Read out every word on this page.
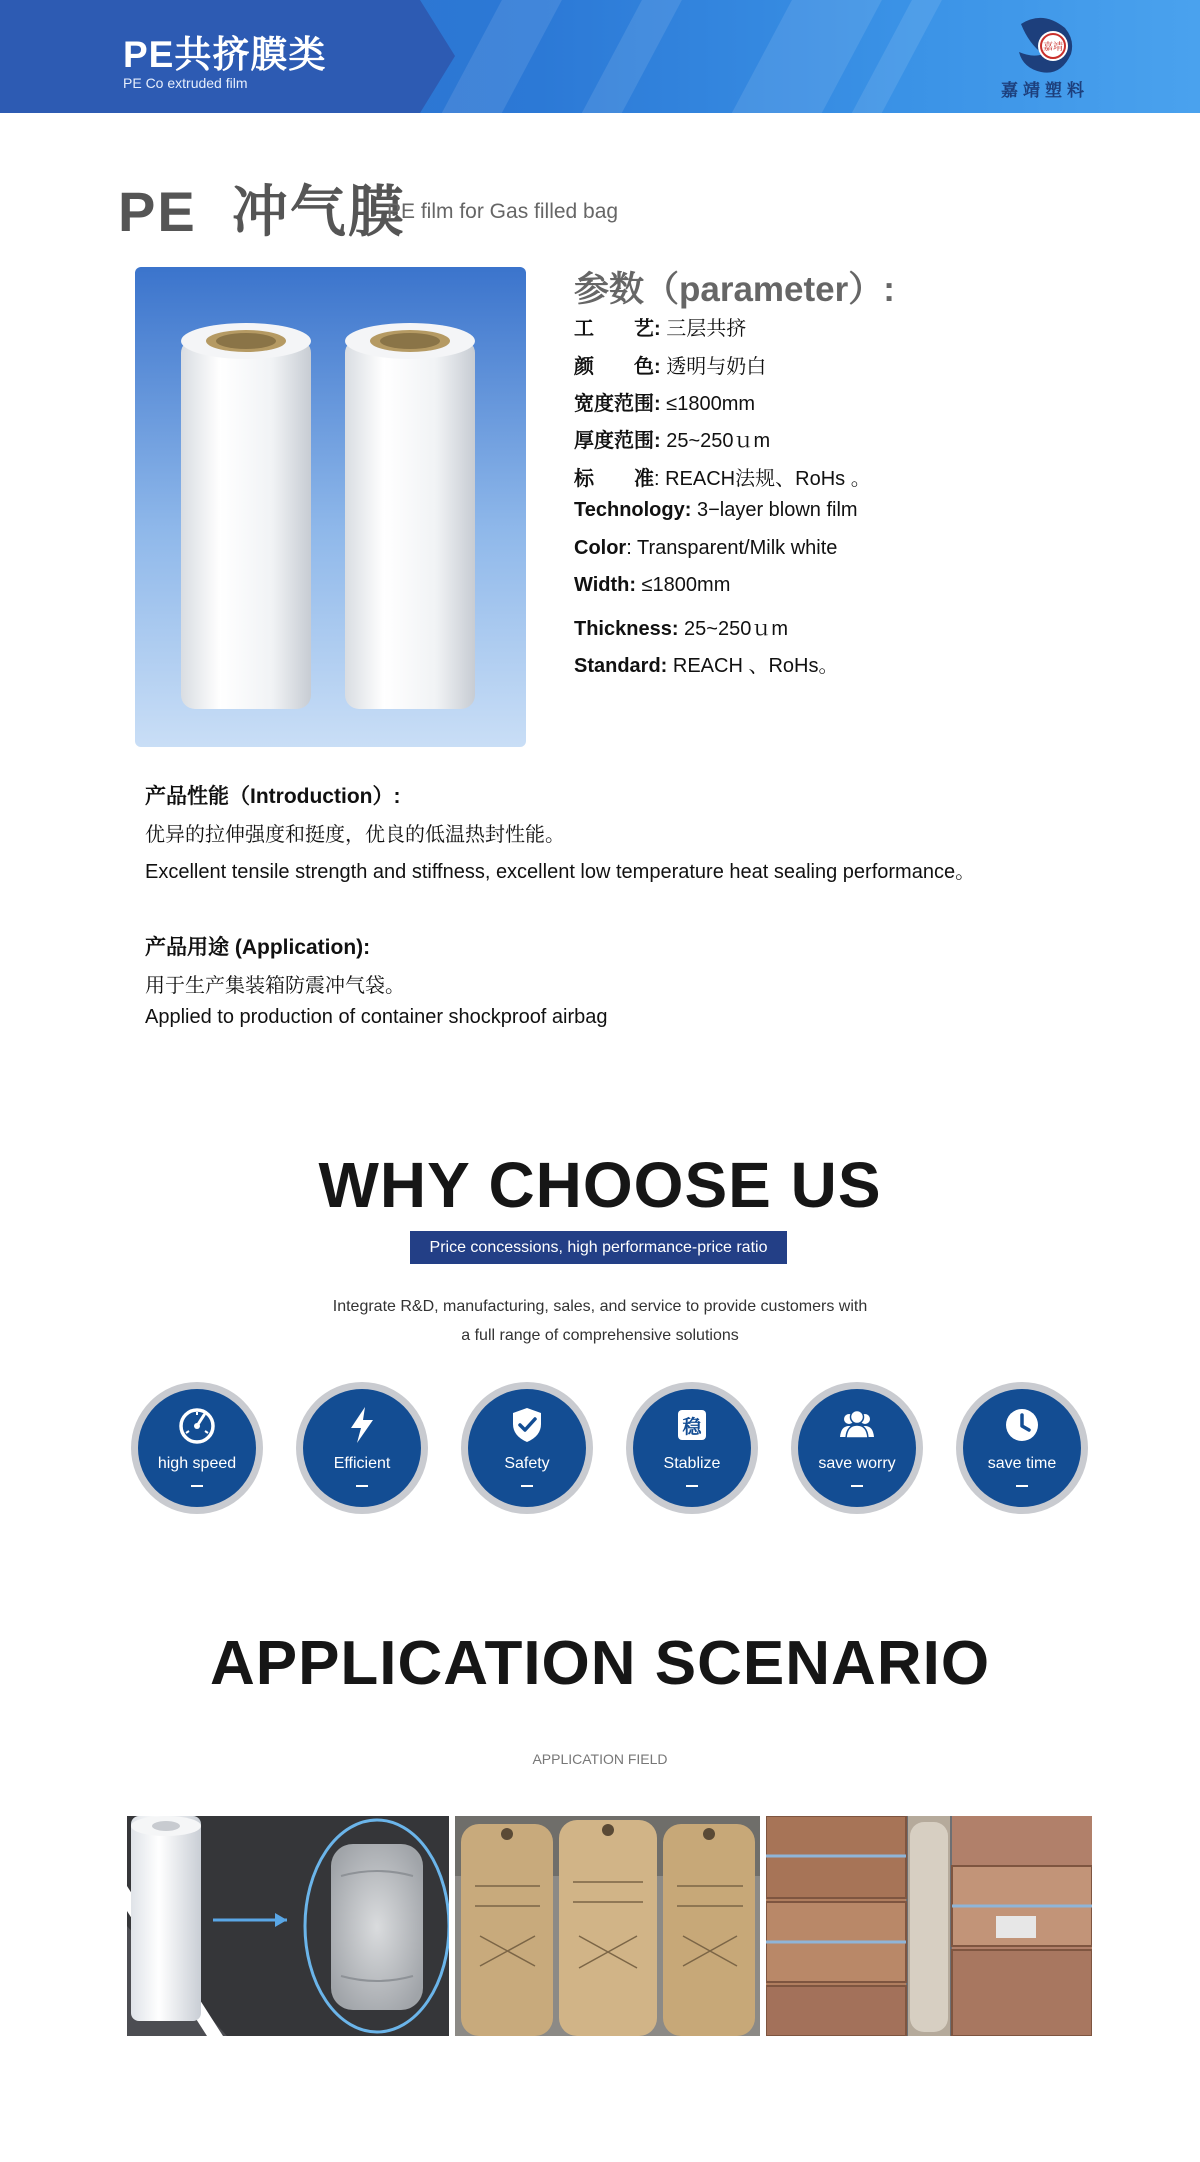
PE共挤膜类
PE Co extruded film
嘉靖
嘉靖塑料
PE  冲气膜
PE film for Gas filled bag
参数（parameter）:
工　　艺: 三层共挤
颜　　色: 透明与奶白
宽度范围: ≤1800mm
厚度范围: 25~250ｕm
标　　准: REACH法规、RoHs 。
Technology: 3−layer blown film
Color: Transparent/Milk white
Width: ≤1800mm
Thickness: 25~250ｕm
Standard: REACH 、RoHs。
产品性能（Introduction）:
优异的拉伸强度和挺度，优良的低温热封性能。
Excellent tensile strength and stiffness, excellent low temperature heat sealing performance。
产品用途 (Application):
用于生产集装箱防震冲气袋。
Applied to production of container shockproof airbag
WHY CHOOSE US
Price concessions, high performance-price ratio
Integrate R&D, manufacturing, sales, and service to provide customers with
a full range of comprehensive solutions
high speed	Efficient	Safety
稳
Stablize	save worry	save time
APPLICATION SCENARIO
APPLICATION FIELD
